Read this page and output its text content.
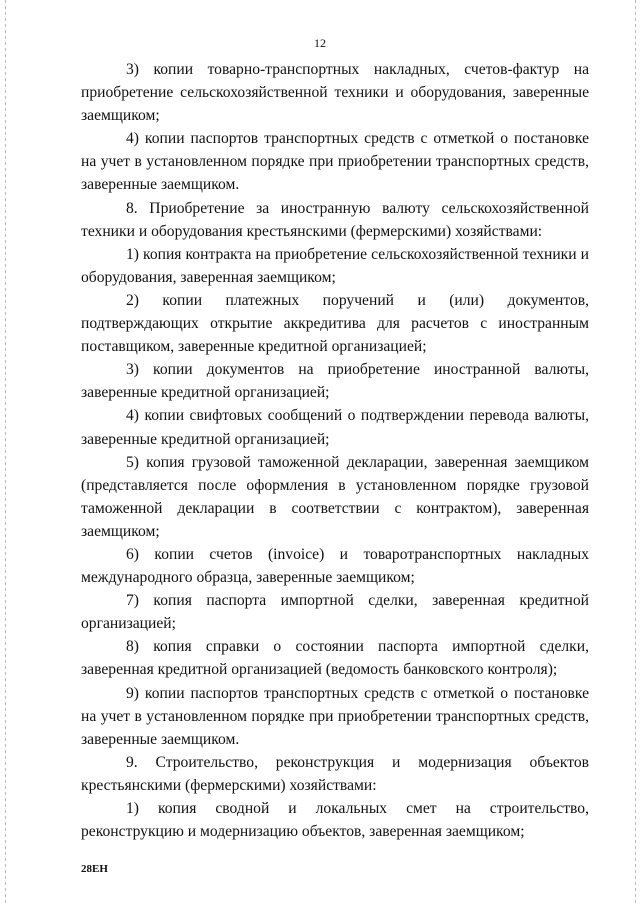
12

3) копии товарно-транспортных накладных, счетов-фактур на приобретение сельскохозяйственной техники и оборудования, заверенные заемщиком;

4) копии паспортов транспортных средств с отметкой о постановке на учет в установленном порядке при приобретении транспортных средств, заверенные заемщиком.

8. Приобретение за иностранную валюту сельскохозяйственной техники и оборудования крестьянскими (фермерскими) хозяйствами:

1) копия контракта на приобретение сельскохозяйственной техники и оборудования, заверенная заемщиком;

2) копии платежных поручений и (или) документов, подтверждающих открытие аккредитива для расчетов с иностранным поставщиком, заверенные кредитной организацией;

3) копии документов на приобретение иностранной валюты, заверенные кредитной организацией;

4) копии свифтовых сообщений о подтверждении перевода валюты, заверенные кредитной организацией;

5) копия грузовой таможенной декларации, заверенная заемщиком (представляется после оформления в установленном порядке грузовой таможенной декларации в соответствии с контрактом), заверенная заемщиком;

6) копии счетов (invoice) и товаротранспортных накладных международного образца, заверенные заемщиком;

7) копия паспорта импортной сделки, заверенная кредитной организацией;

8) копия справки о состоянии паспорта импортной сделки, заверенная кредитной организацией (ведомость банковского контроля);

9) копии паспортов транспортных средств с отметкой о постановке на учет в установленном порядке при приобретении транспортных средств, заверенные заемщиком.

9. Строительство, реконструкция и модернизация объектов крестьянскими (фермерскими) хозяйствами:

1) копия сводной и локальных смет на строительство, реконструкцию и модернизацию объектов, заверенная заемщиком;

28ЕН
